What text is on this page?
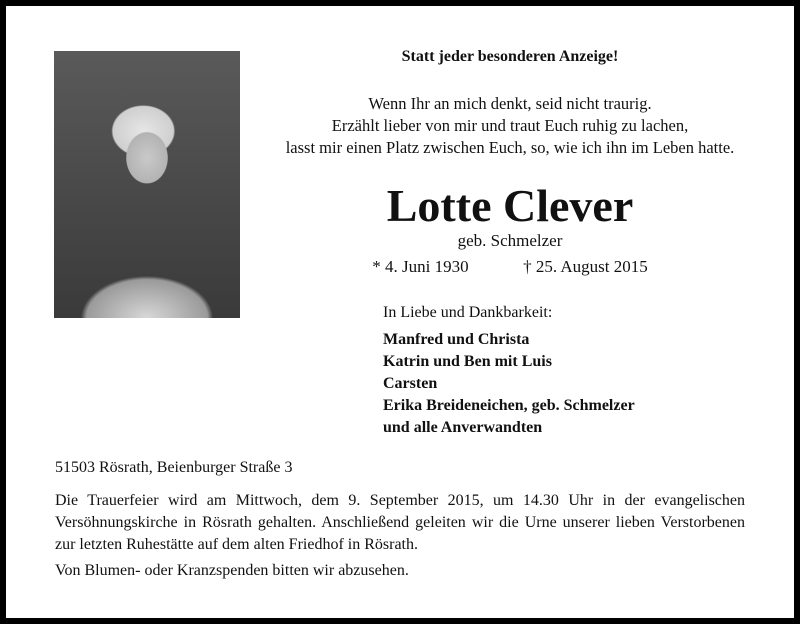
Statt jeder besonderen Anzeige!
Wenn Ihr an mich denkt, seid nicht traurig.
Erzählt lieber von mir und traut Euch ruhig zu lachen,
lasst mir einen Platz zwischen Euch, so, wie ich ihn im Leben hatte.
Lotte Clever
geb. Schmelzer
* 4. Juni 1930	† 25. August 2015
In Liebe und Dankbarkeit:
Manfred und Christa
Katrin und Ben mit Luis
Carsten
Erika Breideneichen, geb. Schmelzer
und alle Anverwandten
51503 Rösrath, Beienburger Straße 3

Die Trauerfeier wird am Mittwoch, dem 9. September 2015, um 14.30 Uhr in der evangelischen Versöhnungskirche in Rösrath gehalten. Anschließend geleiten wir die Urne unserer lieben Verstorbenen zur letzten Ruhestätte auf dem alten Friedhof in Rösrath.

Von Blumen- oder Kranzspenden bitten wir abzusehen.
